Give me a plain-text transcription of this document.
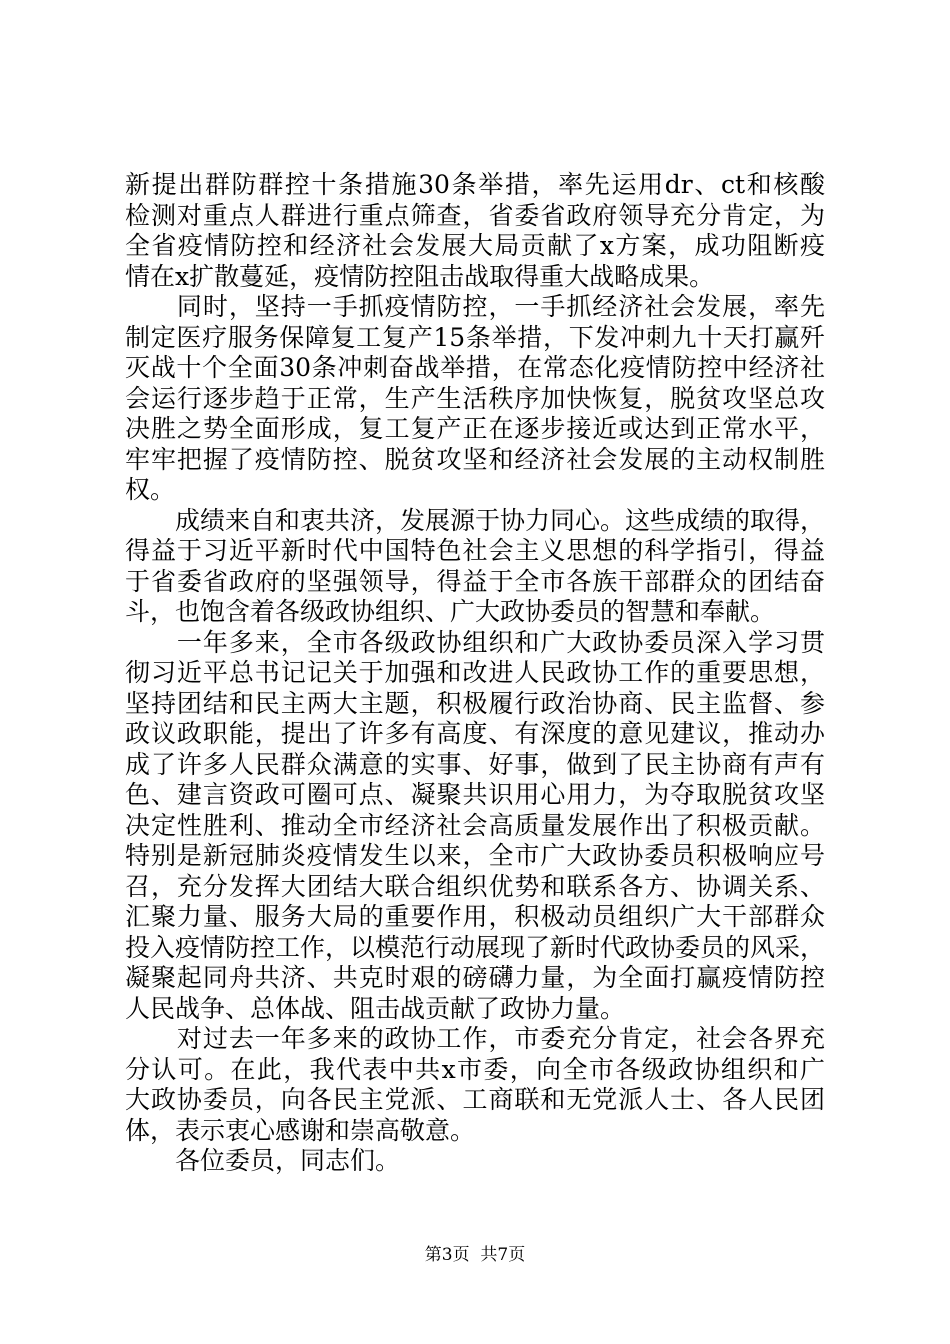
新提出群防群控十条措施30条举措，率先运用dr、ct和核酸
检测对重点人群进行重点筛查，省委省政府领导充分肯定，为
全省疫情防控和经济社会发展大局贡献了x方案，成功阻断疫
情在x扩散蔓延，疫情防控阻击战取得重大战略成果。
　　同时，坚持一手抓疫情防控，一手抓经济社会发展，率先
制定医疗服务保障复工复产15条举措，下发冲刺九十天打赢歼
灭战十个全面30条冲刺奋战举措，在常态化疫情防控中经济社
会运行逐步趋于正常，生产生活秩序加快恢复，脱贫攻坚总攻
决胜之势全面形成，复工复产正在逐步接近或达到正常水平，
牢牢把握了疫情防控、脱贫攻坚和经济社会发展的主动权制胜
权。
　　成绩来自和衷共济，发展源于协力同心。这些成绩的取得，
得益于习近平新时代中国特色社会主义思想的科学指引，得益
于省委省政府的坚强领导，得益于全市各族干部群众的团结奋
斗，也饱含着各级政协组织、广大政协委员的智慧和奉献。
　　一年多来，全市各级政协组织和广大政协委员深入学习贯
彻习近平总书记记关于加强和改进人民政协工作的重要思想，
坚持团结和民主两大主题，积极履行政治协商、民主监督、参
政议政职能，提出了许多有高度、有深度的意见建议，推动办
成了许多人民群众满意的实事、好事，做到了民主协商有声有
色、建言资政可圈可点、凝聚共识用心用力，为夺取脱贫攻坚
决定性胜利、推动全市经济社会高质量发展作出了积极贡献。
特别是新冠肺炎疫情发生以来，全市广大政协委员积极响应号
召，充分发挥大团结大联合组织优势和联系各方、协调关系、
汇聚力量、服务大局的重要作用，积极动员组织广大干部群众
投入疫情防控工作，以模范行动展现了新时代政协委员的风采，
凝聚起同舟共济、共克时艰的磅礴力量，为全面打赢疫情防控
人民战争、总体战、阻击战贡献了政协力量。
　　对过去一年多来的政协工作，市委充分肯定，社会各界充
分认可。在此，我代表中共x市委，向全市各级政协组织和广
大政协委员，向各民主党派、工商联和无党派人士、各人民团
体，表示衷心感谢和崇高敬意。
　　各位委员，同志们。
第3页  共7页
